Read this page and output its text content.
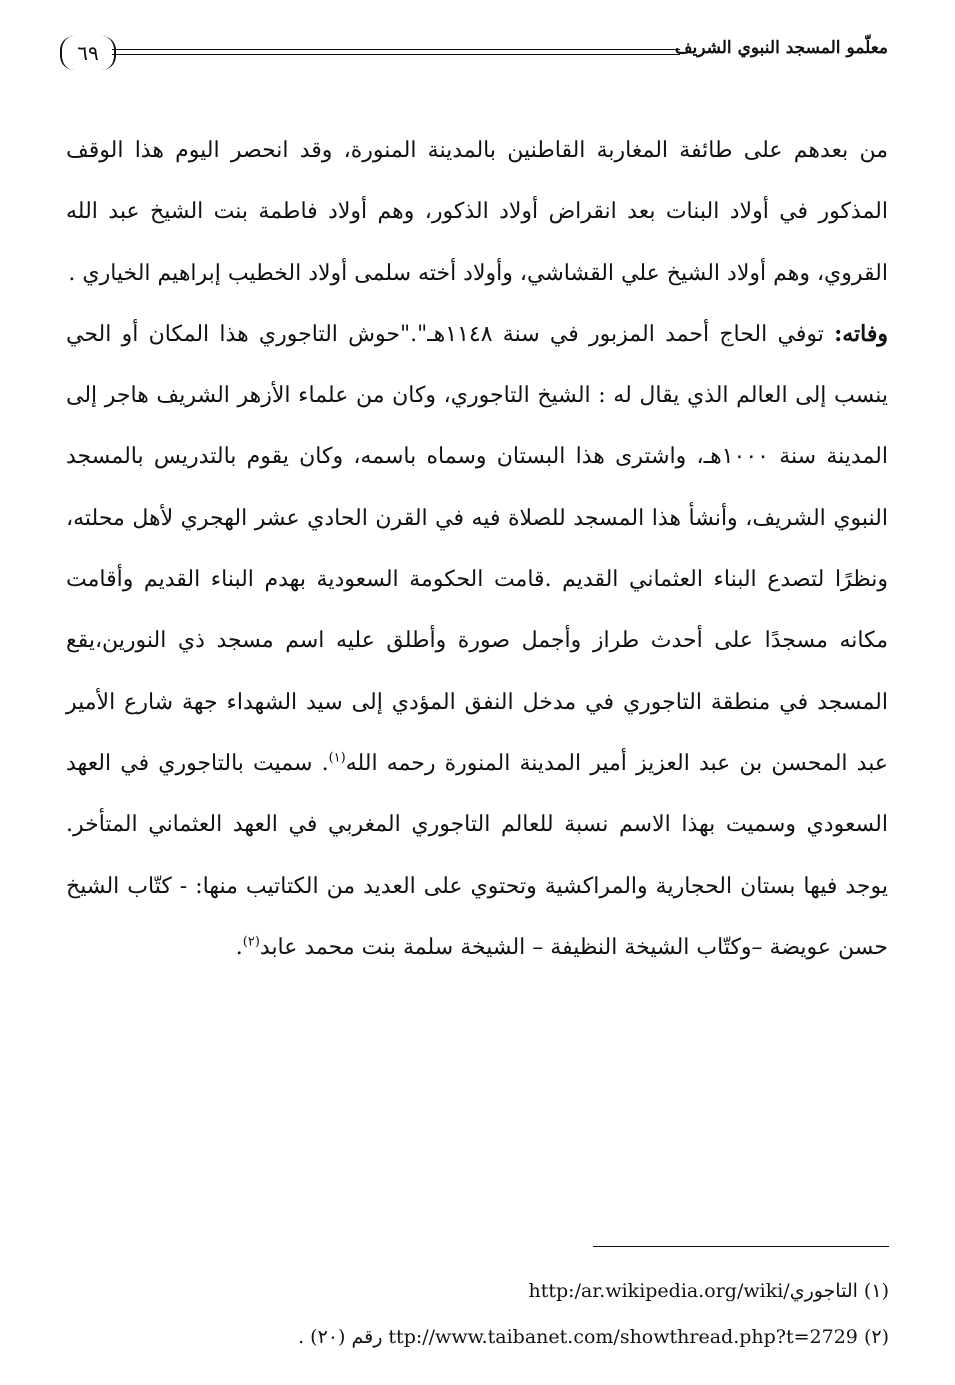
٦٩	معلّمو المسجد النبوي الشريف

من بعدهم على طائفة المغاربة القاطنين بالمدينة المنورة، وقد انحصر اليوم هذا الوقف المذكور في أولاد البنات بعد انقراض أولاد الذكور، وهم أولاد فاطمة بنت الشيخ عبد الله القروي، وهم أولاد الشيخ علي القشاشي، وأولاد أخته سلمى أولاد الخطيب إبراهيم الخياري .

وفاته: توفي الحاج أحمد المزبور في سنة ١١٤٨هـ"."حوش التاجوري هذا المكان أو الحي ينسب إلى العالم الذي يقال له : الشيخ التاجوري، وكان من علماء الأزهر الشريف هاجر إلى المدينة سنة ١٠٠٠هـ، واشترى هذا البستان وسماه باسمه، وكان يقوم بالتدريس بالمسجد النبوي الشريف، وأنشأ هذا المسجد للصلاة فيه في القرن الحادي عشر الهجري لأهل محلته، ونظرًا لتصدع البناء العثماني القديم .قامت الحكومة السعودية بهدم البناء القديم وأقامت مكانه مسجدًا على أحدث طراز وأجمل صورة وأطلق عليه اسم مسجد ذي النورين،يقع المسجد في منطقة التاجوري في مدخل النفق المؤدي إلى سيد الشهداء جهة شارع الأمير عبد المحسن بن عبد العزيز أمير المدينة المنورة رحمه الله$^{(١)}$. سميت بالتاجوري في العهد السعودي وسميت بهذا الاسم نسبة للعالم التاجوري المغربي في العهد العثماني المتأخر. يوجد فيها بستان الحجارية والمراكشية وتحتوي على العديد من الكتاتيب منها: - كتّاب الشيخ حسن عويضة –وكتّاب الشيخة النظيفة – الشيخة سلمة بنت محمد عابد$^{(٢)}$.

(١) التاجوري/http:/ar.wikipedia.org/wiki
(٢) ttp://www.taibanet.com/showthread.php?t=2729 رقم (٢٠) .
